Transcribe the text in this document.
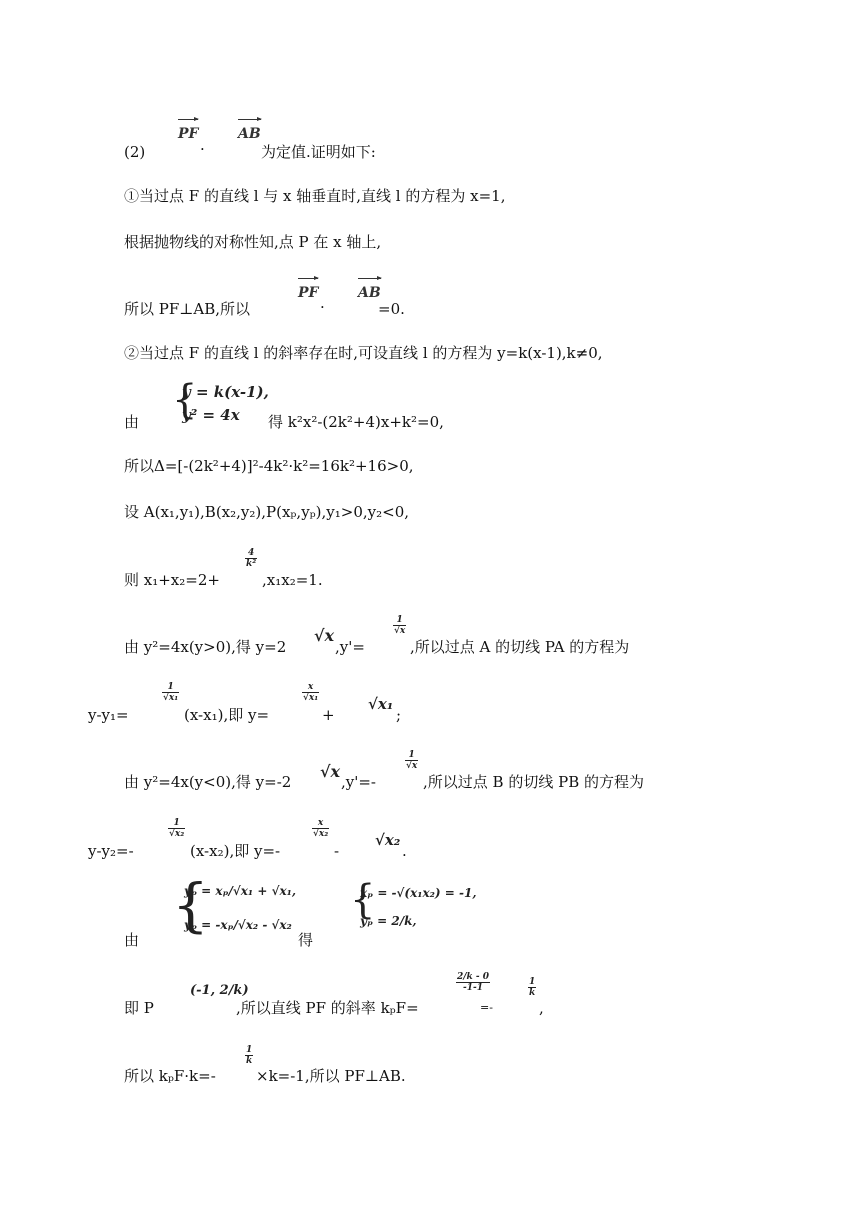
(2)
PF
·
AB
为定值.证明如下:
①当过点 F 的直线 l 与 x 轴垂直时,直线 l 的方程为 x=1,
根据抛物线的对称性知,点 P 在 x 轴上,
所以 PF⊥AB,所以
PF
·
AB
=0.
②当过点 F 的直线 l 的斜率存在时,可设直线 l 的方程为 y=k(x-1),k≠0,
由 {
y = k(x-1),
y² = 4x 得 k²x²-(2k²+4)x+k²=0,
所以Δ=[-(2k²+4)]²-4k²·k²=16k²+16>0,
设 A(x₁,y₁),B(x₂,y₂),P(xₚ,yₚ),y₁>0,y₂<0,
则 x₁+x₂=2+
$\frac{4}{\text{k²}}$
,x₁x₂=1.
由 y²=4x(y>0),得 y=2
√x
,y'=
$\frac{1}{√x}$
,所以过点 A 的切线 PA 的方程为
y-y₁=
$\frac{1}{\text{√x₁}}$
(x-x₁),即 y=
$\frac{x}{\text{√x₁}}$
+
√x₁
;
由 y²=4x(y<0),得 y=-2
√x
,y'=-
$\frac{1}{√x}$
,所以过点 B 的切线 PB 的方程为
y-y₂=-
$\frac{1}{\text{√x₂}}$
(x-x₂),即 y=-
$\frac{x}{\text{√x₂}}$
-
√x₂
.
由
{
yₚ = xₚ/√x₁ + √x₁,
yₚ = -xₚ/√x₂ - √x₂
得
{
xₚ = -√(x₁x₂) = -1,
yₚ = 2/k,
即 P
(-1, 2/k)
,所以直线 PF 的斜率 kₚF=
$\frac{2/k - 0}{-1-1}$
=-
$\frac{1}{k}$
,
所以 kₚF·k=-
$\frac{1}{k}$
×k=-1,所以 PF⊥AB.
